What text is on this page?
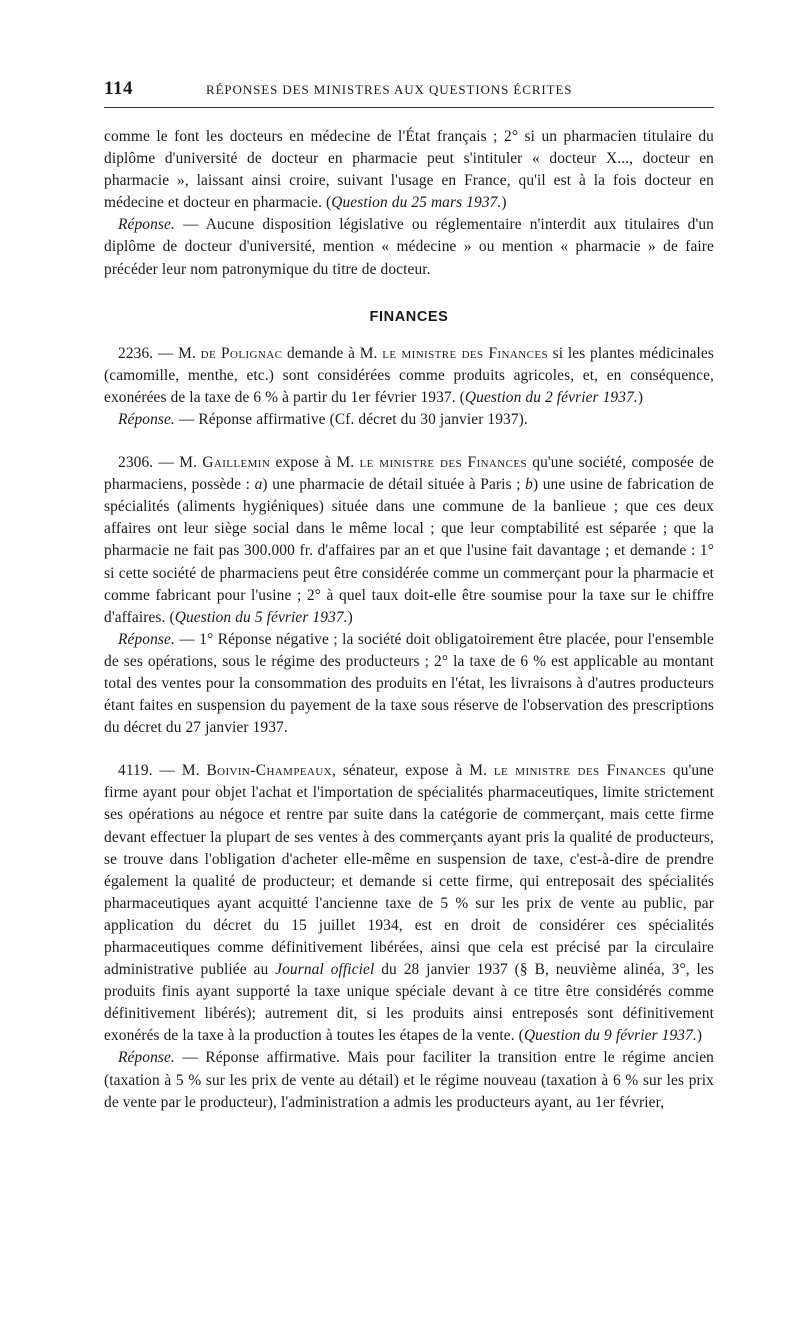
114	RÉPONSES DES MINISTRES AUX QUESTIONS ÉCRITES

comme le font les docteurs en médecine de l'État français ; 2° si un pharmacien titulaire du diplôme d'université de docteur en pharmacie peut s'intituler « docteur X..., docteur en pharmacie », laissant ainsi croire, suivant l'usage en France, qu'il est à la fois docteur en médecine et docteur en pharmacie. (Question du 25 mars 1937.)

Réponse. — Aucune disposition législative ou réglementaire n'interdit aux titulaires d'un diplôme de docteur d'université, mention « médecine » ou mention « pharmacie » de faire précéder leur nom patronymique du titre de docteur.

FINANCES

2236. — M. de Polignac demande à M. le ministre des Finances si les plantes médicinales (camomille, menthe, etc.) sont considérées comme produits agricoles, et, en conséquence, exonérées de la taxe de 6 % à partir du 1er février 1937. (Question du 2 février 1937.)

Réponse. — Réponse affirmative (Cf. décret du 30 janvier 1937).

2306. — M. Gaillemin expose à M. le ministre des Finances qu'une société, composée de pharmaciens, possède : a) une pharmacie de détail située à Paris ; b) une usine de fabrication de spécialités (aliments hygiéniques) située dans une commune de la banlieue ; que ces deux affaires ont leur siège social dans le même local ; que leur comptabilité est séparée ; que la pharmacie ne fait pas 300.000 fr. d'affaires par an et que l'usine fait davantage ; et demande : 1° si cette société de pharmaciens peut être considérée comme un commerçant pour la pharmacie et comme fabricant pour l'usine ; 2° à quel taux doit-elle être soumise pour la taxe sur le chiffre d'affaires. (Question du 5 février 1937.)

Réponse. — 1° Réponse négative ; la société doit obligatoirement être placée, pour l'ensemble de ses opérations, sous le régime des producteurs ; 2° la taxe de 6 % est applicable au montant total des ventes pour la consommation des produits en l'état, les livraisons à d'autres producteurs étant faites en suspension du payement de la taxe sous réserve de l'observation des prescriptions du décret du 27 janvier 1937.

4119. — M. Boivin-Champeaux, sénateur, expose à M. le ministre des Finances qu'une firme ayant pour objet l'achat et l'importation de spécialités pharmaceutiques, limite strictement ses opérations au négoce et rentre par suite dans la catégorie de commerçant, mais cette firme devant effectuer la plupart de ses ventes à des commerçants ayant pris la qualité de producteurs, se trouve dans l'obligation d'acheter elle-même en suspension de taxe, c'est-à-dire de prendre également la qualité de producteur; et demande si cette firme, qui entreposait des spécialités pharmaceutiques ayant acquitté l'ancienne taxe de 5 % sur les prix de vente au public, par application du décret du 15 juillet 1934, est en droit de considérer ces spécialités pharmaceutiques comme définitivement libérées, ainsi que cela est précisé par la circulaire administrative publiée au Journal officiel du 28 janvier 1937 (§ B, neuvième alinéa, 3°, les produits finis ayant supporté la taxe unique spéciale devant à ce titre être considérés comme définitivement libérés); autrement dit, si les produits ainsi entreposés sont définitivement exonérés de la taxe à la production à toutes les étapes de la vente. (Question du 9 février 1937.)

Réponse. — Réponse affirmative. Mais pour faciliter la transition entre le régime ancien (taxation à 5 % sur les prix de vente au détail) et le régime nouveau (taxation à 6 % sur les prix de vente par le producteur), l'administration a admis les producteurs ayant, au 1er février,
